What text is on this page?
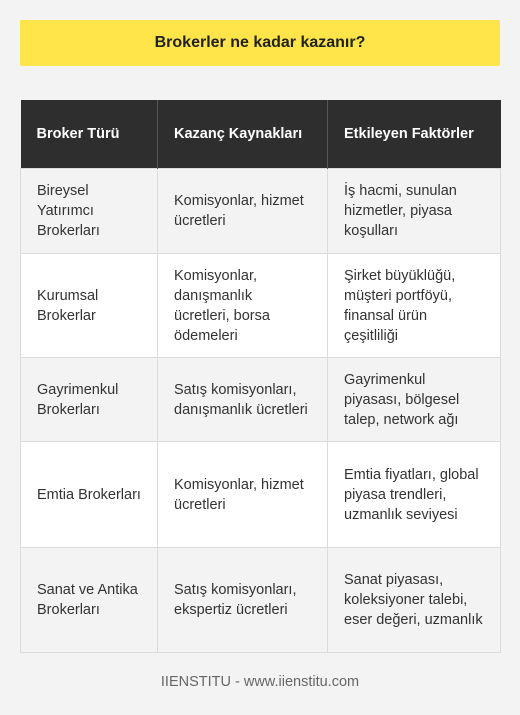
Brokerler ne kadar kazanır?
Broker Türü	Kazanç Kaynakları	Etkileyen Faktörler
Bireysel Yatırımcı Brokerları	Komisyonlar, hizmet ücretleri	İş hacmi, sunulan hizmetler, piyasa koşulları
Kurumsal Brokerlar	Komisyonlar, danışmanlık ücretleri, borsa ödemeleri	Şirket büyüklüğü, müşteri portföyü, finansal ürün çeşitliliği
Gayrimenkul Brokerları	Satış komisyonları, danışmanlık ücretleri	Gayrimenkul piyasası, bölgesel talep, network ağı
Emtia Brokerları	Komisyonlar, hizmet ücretleri	Emtia fiyatları, global piyasa trendleri, uzmanlık seviyesi
Sanat ve Antika Brokerları	Satış komisyonları, ekspertiz ücretleri	Sanat piyasası, koleksiyoner talebi, eser değeri, uzmanlık
IIENSTITU - www.iienstitu.com
